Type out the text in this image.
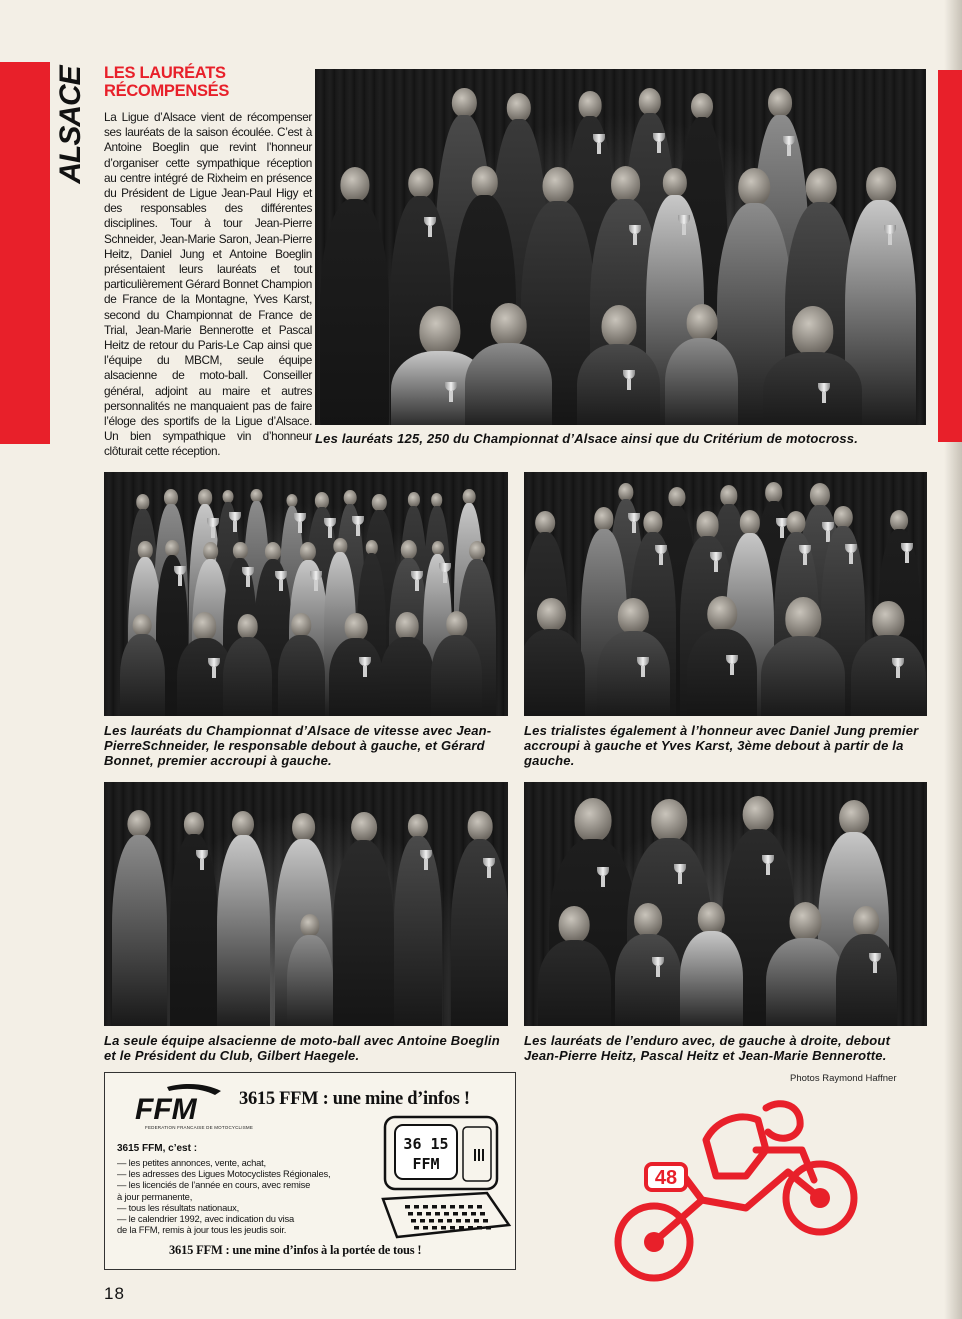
ALSACE LES LAURÉATS
RÉCOMPENSÉS
La Ligue d’Alsace vient de récompenser ses lauréats de la saison écoulée. C’est à Antoine Boeglin que revint l’honneur d’organiser cette sympathique réception au centre intégré de Rixheim en présence du Président de Ligue Jean-Paul Higy et des responsables des différentes disciplines. Tour à tour Jean-Pierre Schneider, Jean-Marie Saron, Jean-Pierre Heitz, Daniel Jung et Antoine Boeglin présentaient leurs lauréats et tout particulièrement Gérard Bonnet Champion de France de la Montagne, Yves Karst, second du Championnat de France de Trial, Jean-Marie Bennerotte et Pascal Heitz de retour du Paris-Le Cap ainsi que l’équipe du MBCM, seule équipe alsacienne de moto-ball. Conseiller général, adjoint au maire et autres personnalités ne manquaient pas de faire l’éloge des sportifs de la Ligue d’Alsace. Un bien sympathique vin d’honneur clôturait cette réception.
Les lauréats 125, 250 du Championnat d’Alsace ainsi que du Critérium de motocross.
Les lauréats du Championnat d’Alsace de vitesse avec Jean-PierreSchneider, le responsable debout à gauche, et Gérard Bonnet, premier accroupi à gauche.
Les trialistes également à l’honneur avec Daniel Jung premier accroupi à gauche et Yves Karst, 3ème debout à partir de la gauche.
La seule équipe alsacienne de moto-ball avec Antoine Boeglin et le Président du Club, Gilbert Haegele.
Les lauréats de l’enduro avec, de gauche à droite, debout Jean-Pierre Heitz, Pascal Heitz et Jean-Marie Bennerotte.
Photos Raymond Haffner
FFM
FEDERATION FRANCAISE DE MOTOCYCLISME
3615 FFM : une mine d’infos !
3615 FFM, c’est :
— les petites annonces, vente, achat,
— les adresses des Ligues Motocyclistes Régionales,
— les licenciés de l’année en cours, avec remise
à jour permanente,
— tous les résultats nationaux,
— le calendrier 1992, avec indication du visa
de la FFM, remis à jour tous les jeudis soir.
36 15
FFM
3615 FFM : une mine d’infos à la portée de tous !
48
18
